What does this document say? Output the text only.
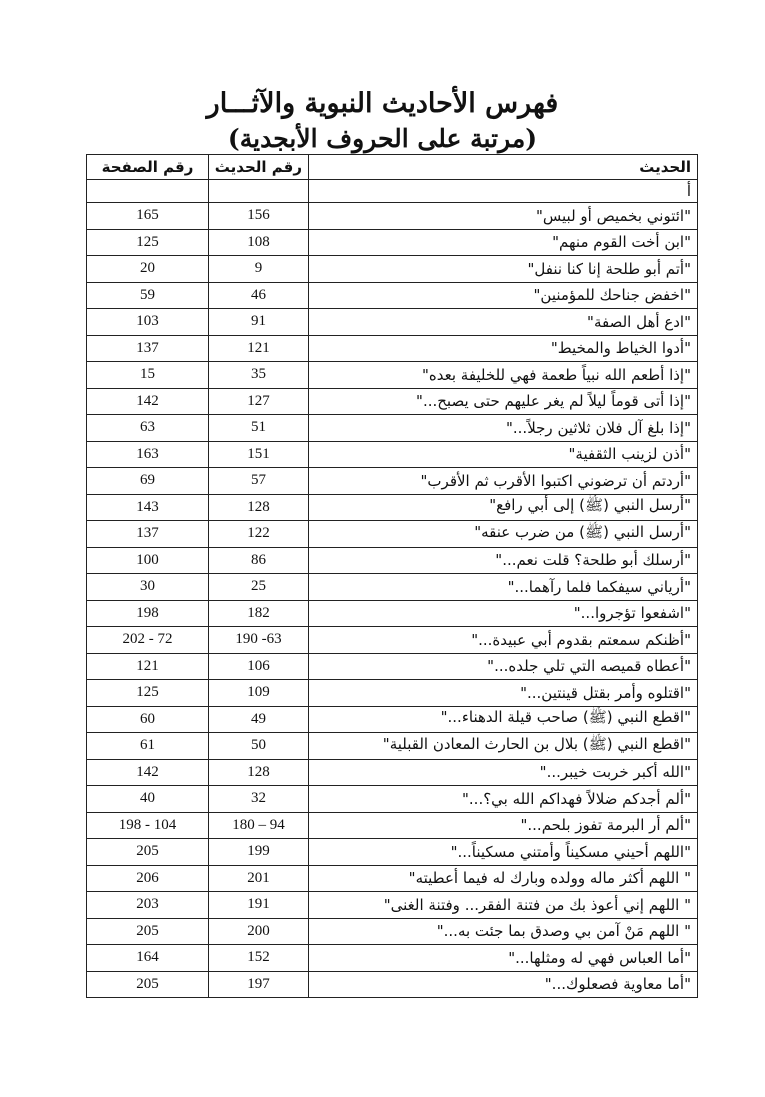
فهرس الأحاديث النبوية والآثـــار
(مرتبة على الحروف الأبجدية)
رقم الصفحة	رقم الحديث	الحديث
		أ
165	156	"ائتوني بخميص أو لبيس"
125	108	"ابن أخت القوم منهم"
20	9	"أتم أبو طلحة إنا كنا ننفل"
59	46	"اخفض جناحك للمؤمنين"
103	91	"ادع أهل الصفة"
137	121	"أدوا الخياط والمخيط"
15	35	"إذا أطعم الله نبياً طعمة فهي للخليفة بعده"
142	127	"إذا أتى قوماً ليلاً لم يغر عليهم حتى يصبح..."
63	51	"إذا بلغ آل فلان ثلاثين رجلاً..."
163	151	"أذن لزينب الثقفية"
69	57	"أردتم أن ترضوني اكتبوا الأقرب ثم الأقرب"
143	128	"أرسل النبي (ﷺ) إلى أبي رافع"
137	122	"أرسل النبي (ﷺ) من ضرب عنقه"
100	86	"أرسلك أبو طلحة؟ قلت نعم..."
30	25	"أرياني سيفكما فلما رآهما..."
198	182	"اشفعوا تؤجروا..."
202 - 72	190 -63	"أظنكم سمعتم بقدوم أبي عبيدة..."
121	106	"أعطاه قميصه التي تلي جلده..."
125	109	"اقتلوه وأمر بقتل قينتين..."
60	49	"اقطع النبي (ﷺ) صاحب قيلة الدهناء..."
61	50	"اقطع النبي (ﷺ) بلال بن الحارث المعادن القبلية"
142	128	"الله أكبر خربت خيبر..."
40	32	"ألم أجدكم ضلالاً فهداكم الله بي؟..."
198 - 104	180 – 94	"ألم أر البرمة تفوز بلحم..."
205	199	"اللهم أحيني مسكيناً وأمتني مسكيناً..."
206	201	" اللهم أكثر ماله وولده وبارك له فيما أعطيته"
203	191	" اللهم إني أعوذ بك من فتنة الفقر... وفتنة الغنى"
205	200	" اللهم مَنْ آمن بي وصدق بما جئت به..."
164	152	"أما العباس فهي له ومثلها..."
205	197	"أما معاوية فصعلوك..."
